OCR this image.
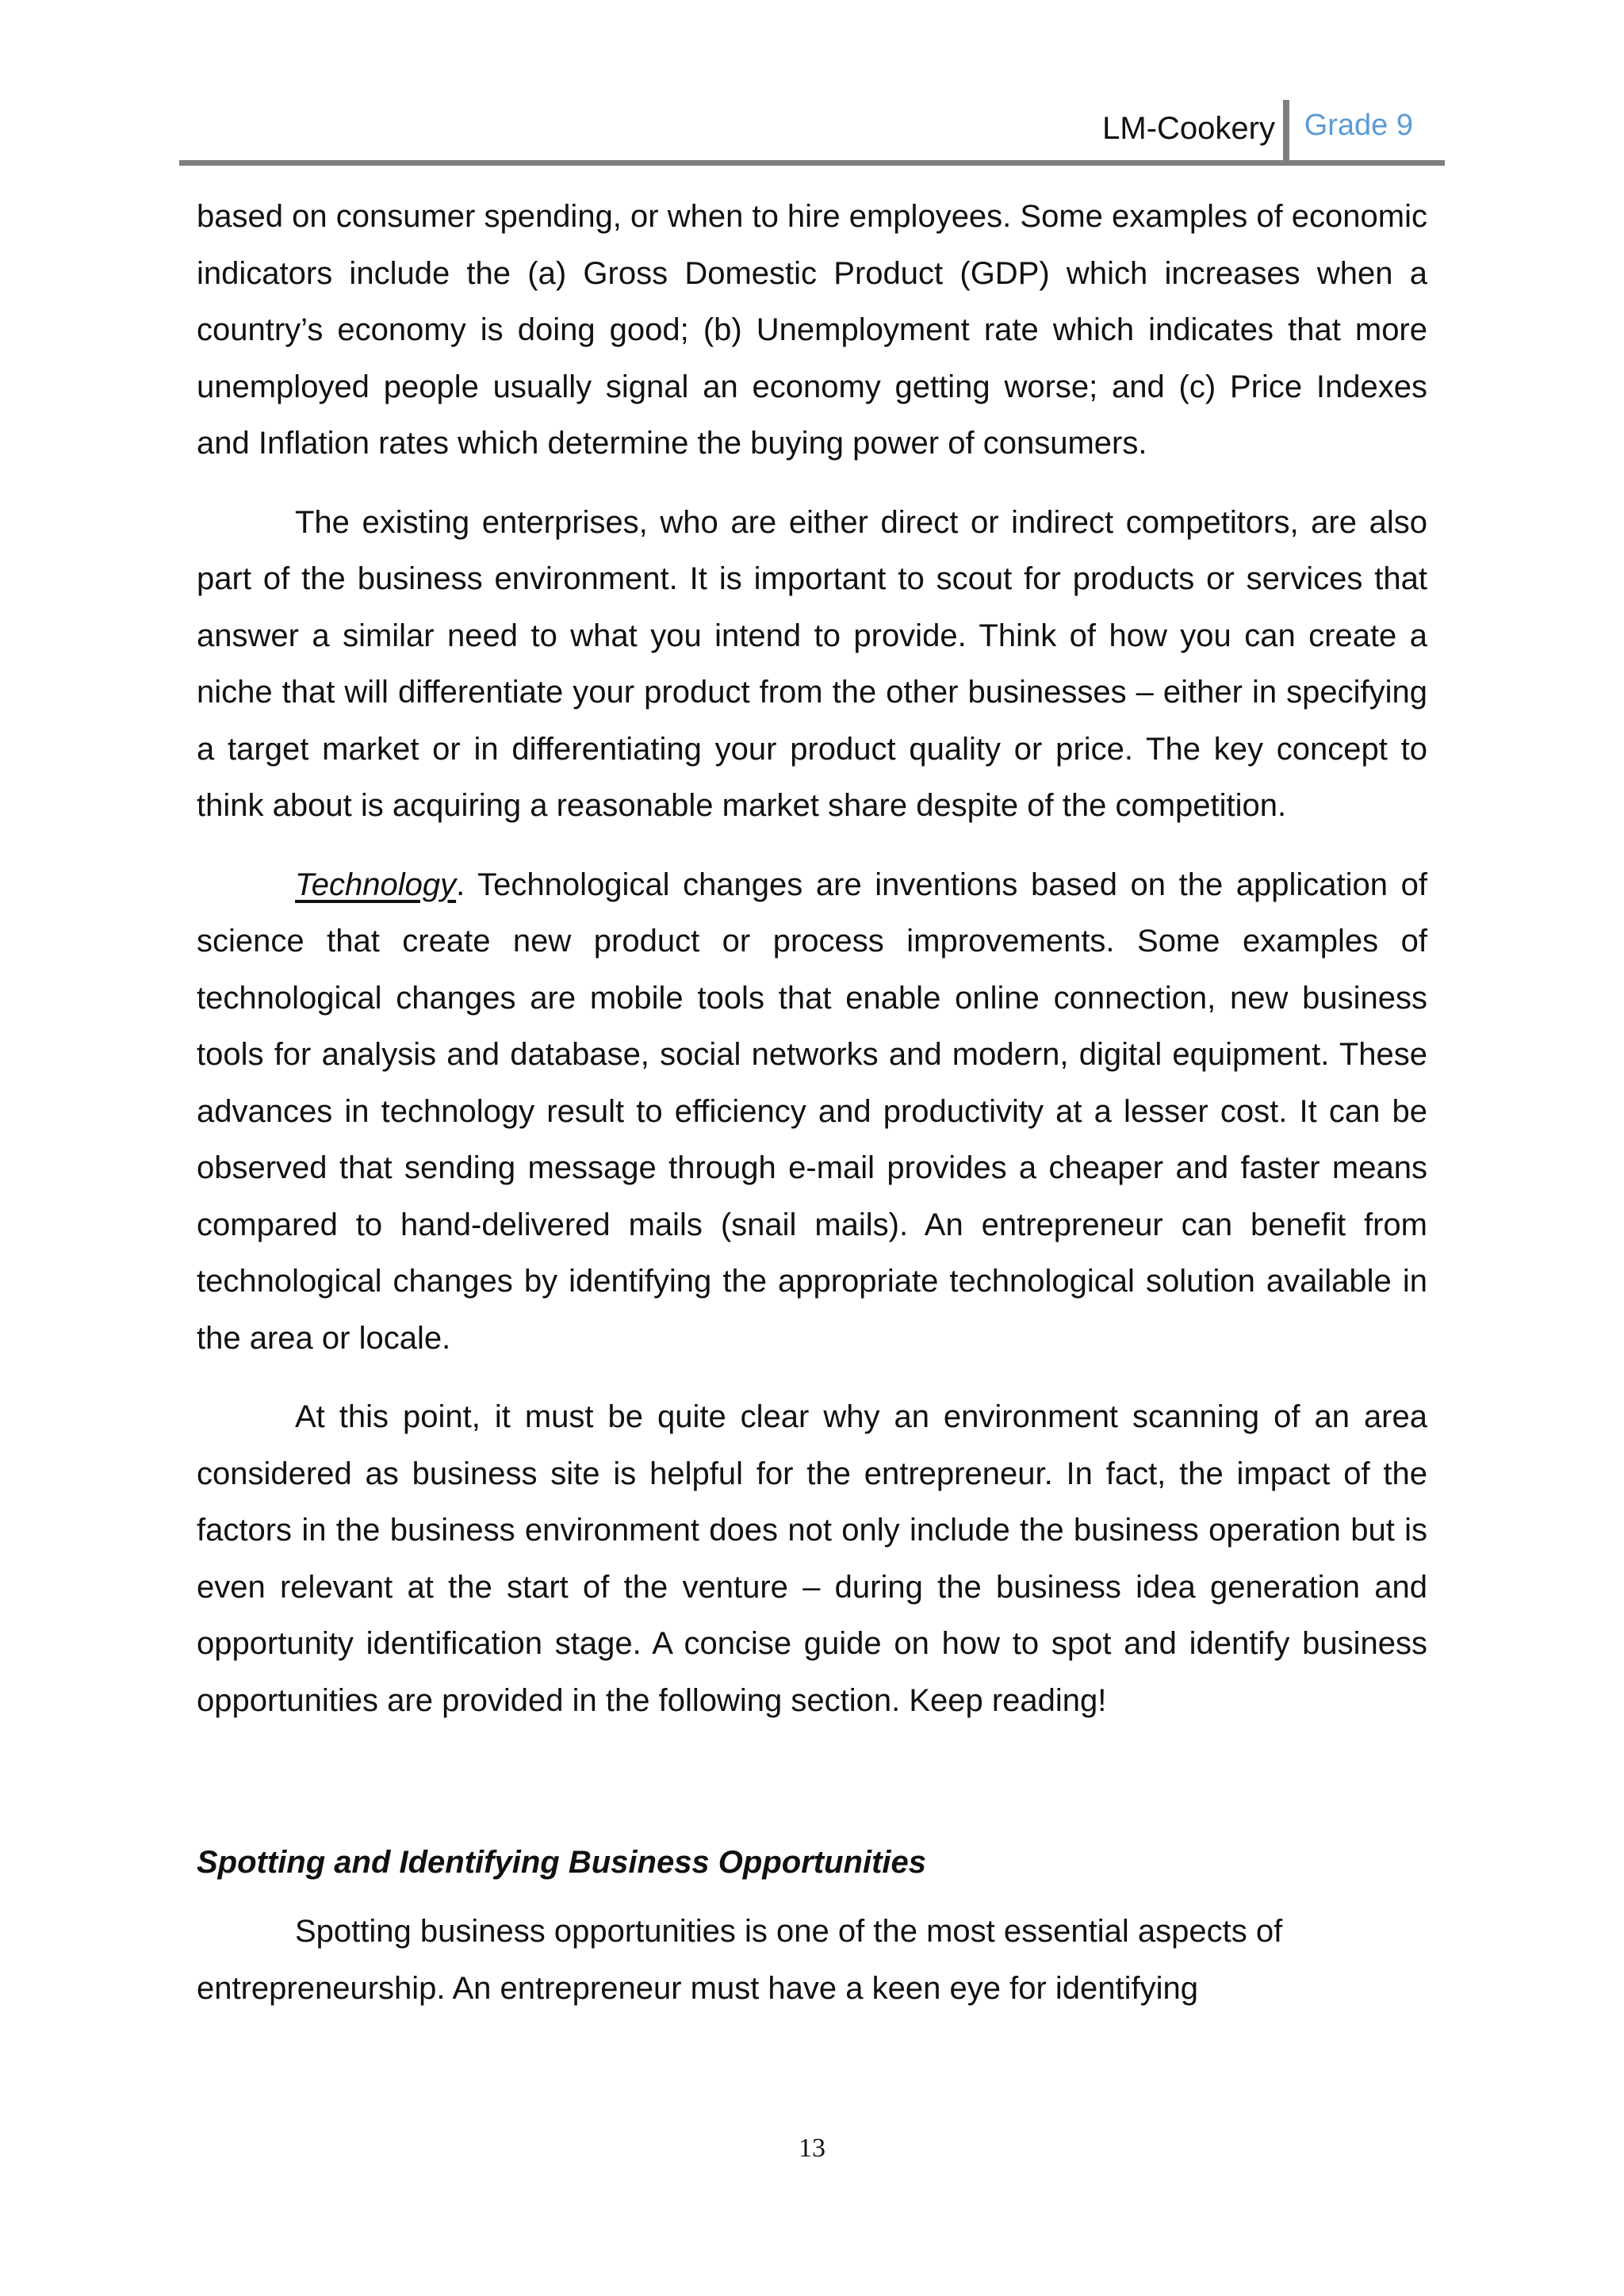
LM-Cookery Grade 9

based on consumer spending, or when to hire employees. Some examples of economic indicators include the (a) Gross Domestic Product (GDP) which increases when a country’s economy is doing good; (b) Unemployment rate which indicates that more unemployed people usually signal an economy getting worse; and (c) Price Indexes and Inflation rates which determine the buying power of consumers.

The existing enterprises, who are either direct or indirect competitors, are also part of the business environment. It is important to scout for products or services that answer a similar need to what you intend to provide. Think of how you can create a niche that will differentiate your product from the other businesses – either in specifying a target market or in differentiating your product quality or price. The key concept to think about is acquiring a reasonable market share despite of the competition.

Technology. Technological changes are inventions based on the application of science that create new product or process improvements. Some examples of technological changes are mobile tools that enable online connection, new business tools for analysis and database, social networks and modern, digital equipment. These advances in technology result to efficiency and productivity at a lesser cost. It can be observed that sending message through e-mail provides a cheaper and faster means compared to hand-delivered mails (snail mails). An entrepreneur can benefit from technological changes by identifying the appropriate technological solution available in the area or locale.

At this point, it must be quite clear why an environment scanning of an area considered as business site is helpful for the entrepreneur. In fact, the impact of the factors in the business environment does not only include the business operation but is even relevant at the start of the venture – during the business idea generation and opportunity identification stage. A concise guide on how to spot and identify business opportunities are provided in the following section. Keep reading!

Spotting and Identifying Business Opportunities

Spotting business opportunities is one of the most essential aspects of entrepreneurship. An entrepreneur must have a keen eye for identifying

13
